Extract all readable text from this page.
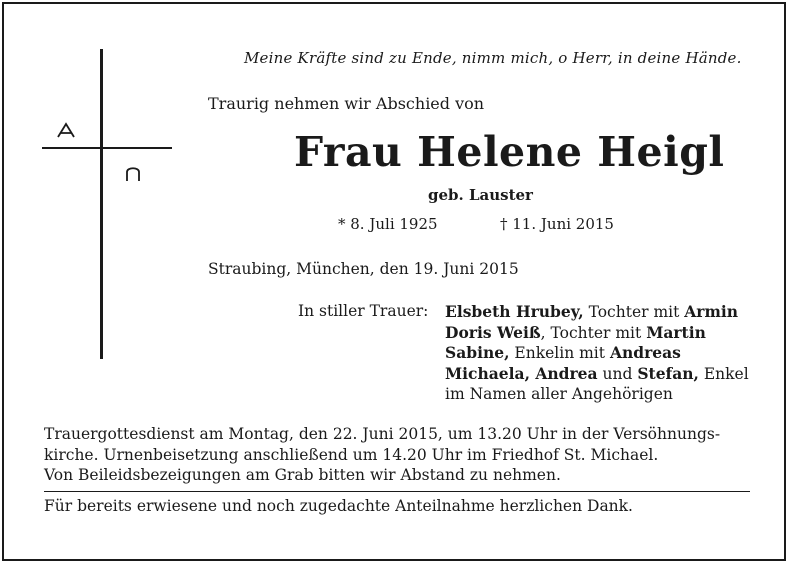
Meine Kräfte sind zu Ende, nimm mich, o Herr, in deine Hände.
Traurig nehmen wir Abschied von
Frau Helene Heigl
geb. Lauster
* 8. Juli 1925	† 11. Juni 2015
Straubing, München, den 19. Juni 2015
In stiller Trauer: Elsbeth Hrubey, Tochter mit Armin
Doris Weiß, Tochter mit Martin
Sabine, Enkelin mit Andreas
Michaela, Andrea und Stefan, Enkel
im Namen aller Angehörigen
Trauergottesdienst am Montag, den 22. Juni 2015, um 13.20 Uhr in der Versöhnungs-
kirche. Urnenbeisetzung anschließend um 14.20 Uhr im Friedhof St. Michael.
Von Beileidsbezeigungen am Grab bitten wir Abstand zu nehmen.
Für bereits erwiesene und noch zugedachte Anteilnahme herzlichen Dank.
